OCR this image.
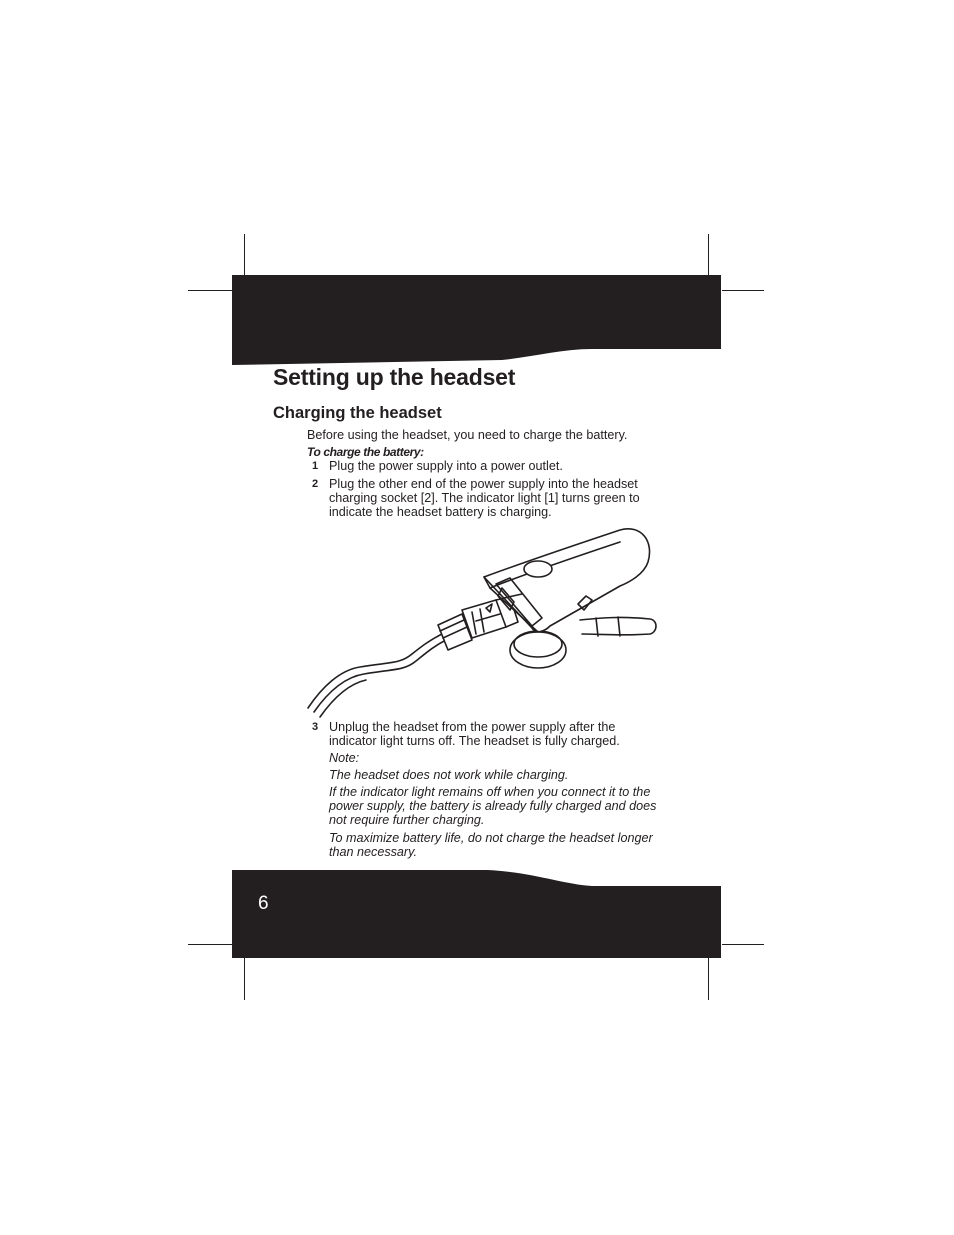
6
Setting up the headset
Charging the headset
Before using the headset, you need to charge the battery.
To charge the battery:
1 Plug the power supply into a power outlet.
2 Plug the other end of the power supply into the headset
charging socket [2]. The indicator light [1] turns green to
indicate the headset battery is charging.
3 Unplug the headset from the power supply after the
indicator light turns off. The headset is fully charged.
Note:
The headset does not work while charging.
If the indicator light remains off when you connect it to the
power supply, the battery is already fully charged and does
not require further charging.
To maximize battery life, do not charge the headset longer
than necessary.
